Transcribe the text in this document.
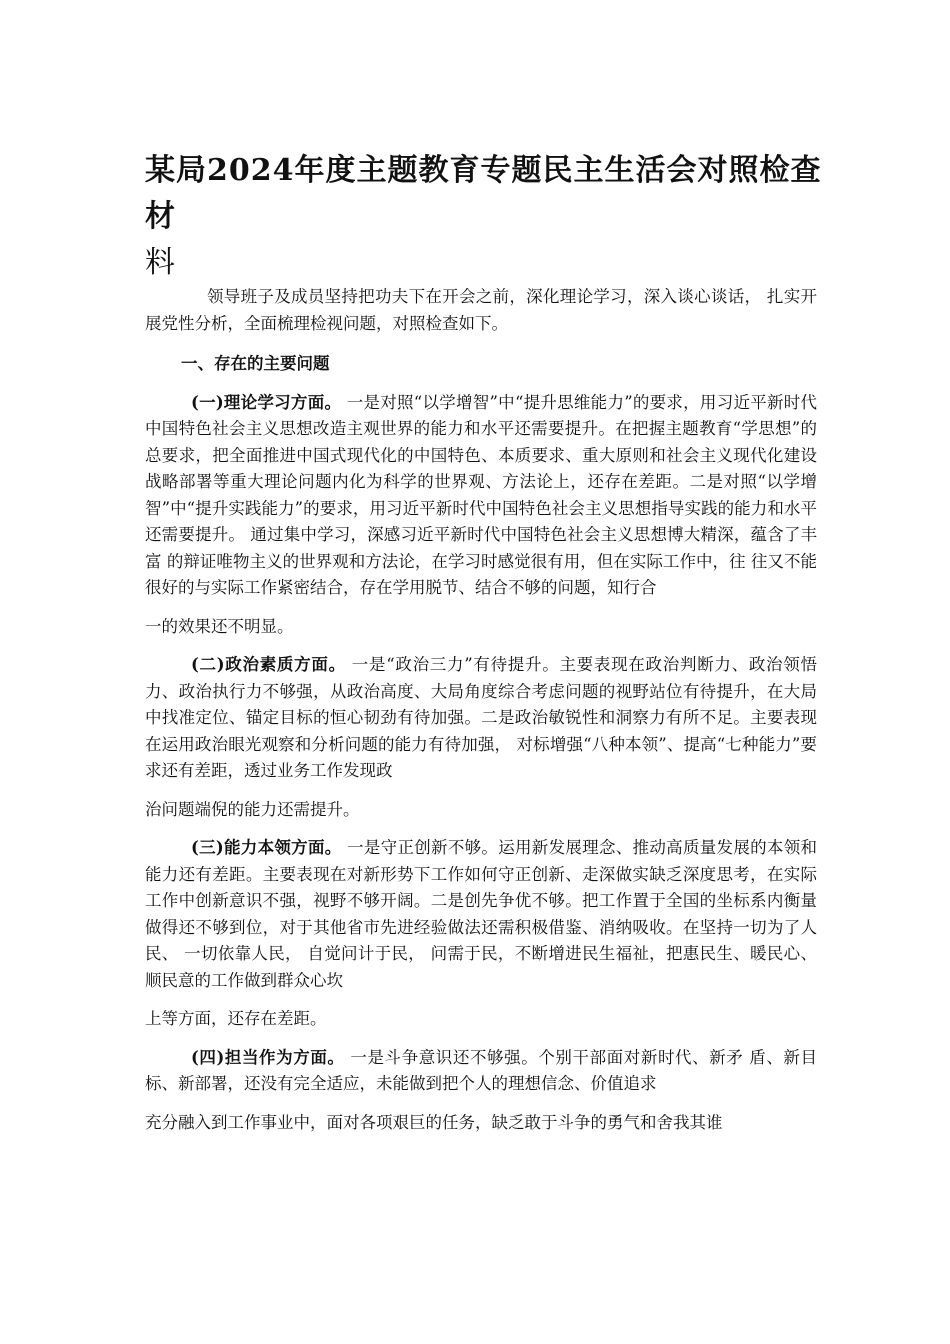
某局2024年度主题教育专题民主生活会对照检查材
料

领导班子及成员坚持把功夫下在开会之前，深化理论学习，深入谈心谈话， 扎实开展党性分析，全面梳理检视问题，对照检查如下。

一、存在的主要问题

(一)理论学习方面。 一是对照“以学增智”中“提升思维能力”的要求，用习近平新时代中国特色社会主义思想改造主观世界的能力和水平还需要提升。在把握主题教育“学思想”的总要求，把全面推进中国式现代化的中国特色、本质要求、重大原则和社会主义现代化建设战略部署等重大理论问题内化为科学的世界观、方法论上，还存在差距。二是对照“以学增智”中“提升实践能力”的要求，用习近平新时代中国特色社会主义思想指导实践的能力和水平还需要提升。 通过集中学习，深感习近平新时代中国特色社会主义思想博大精深，蕴含了丰富 的辩证唯物主义的世界观和方法论，在学习时感觉很有用，但在实际工作中，往 往又不能很好的与实际工作紧密结合，存在学用脱节、结合不够的问题，知行合

一的效果还不明显。

(二)政治素质方面。 一是“政治三力”有待提升。主要表现在政治判断力、政治领悟力、政治执行力不够强，从政治高度、大局角度综合考虑问题的视野站位有待提升，在大局中找准定位、锚定目标的恒心韧劲有待加强。二是政治敏锐性和洞察力有所不足。主要表现在运用政治眼光观察和分析问题的能力有待加强， 对标增强“八种本领”、提高“七种能力”要求还有差距，透过业务工作发现政

治问题端倪的能力还需提升。

(三)能力本领方面。 一是守正创新不够。运用新发展理念、推动高质量发展的本领和能力还有差距。主要表现在对新形势下工作如何守正创新、走深做实缺乏深度思考，在实际工作中创新意识不强，视野不够开阔。二是创先争优不够。把工作置于全国的坐标系内衡量做得还不够到位，对于其他省市先进经验做法还需积极借鉴、消纳吸收。在坚持一切为了人民、 一切依靠人民， 自觉问计于民， 问需于民，不断增进民生福祉，把惠民生、暖民心、顺民意的工作做到群众心坎

上等方面，还存在差距。

(四)担当作为方面。 一是斗争意识还不够强。个别干部面对新时代、新矛 盾、新目标、新部署，还没有完全适应，未能做到把个人的理想信念、价值追求

充分融入到工作事业中，面对各项艰巨的任务，缺乏敢于斗争的勇气和舍我其谁
